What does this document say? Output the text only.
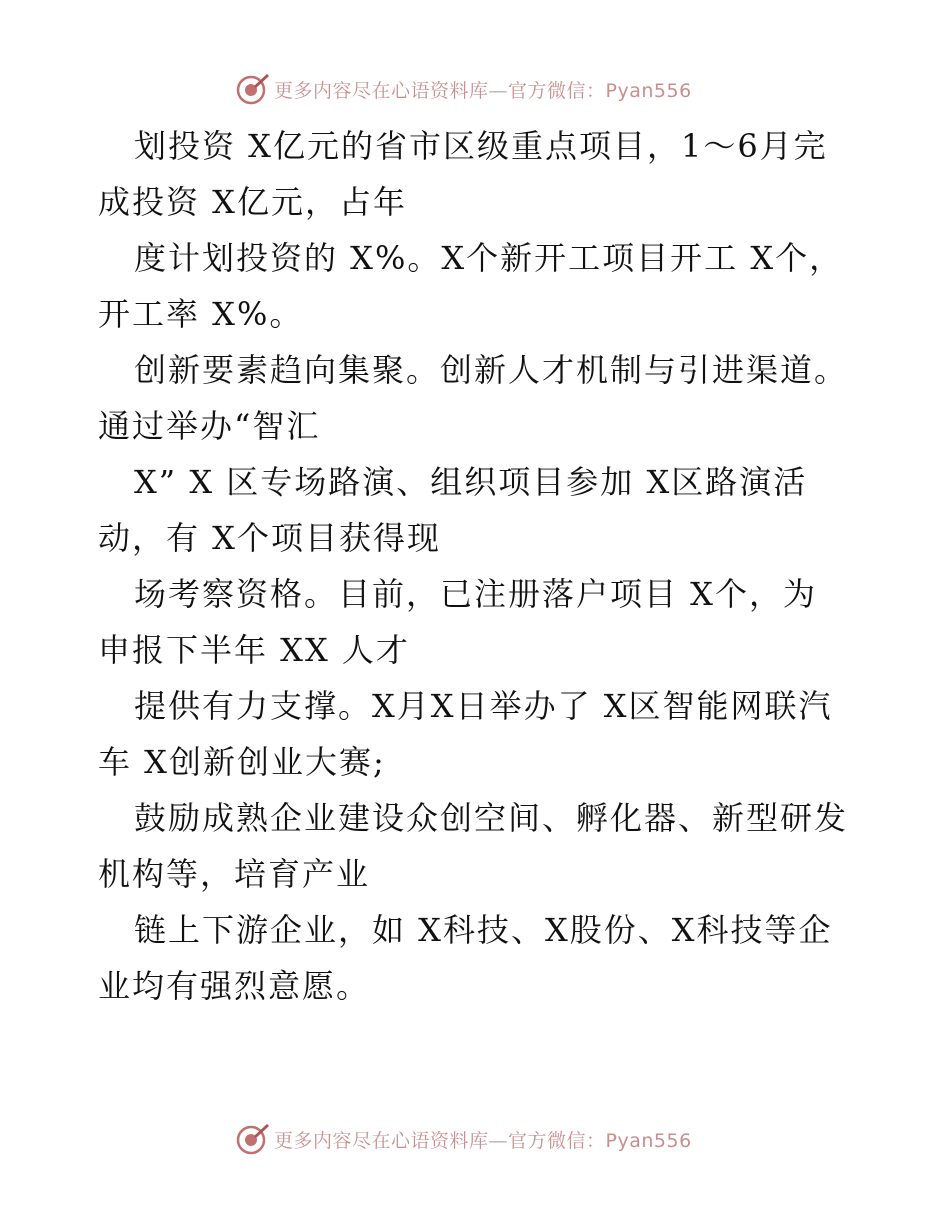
更多内容尽在心语资料库—官方微信：Pyan556
划投资 X亿元的省市区级重点项目，1～6月完
成投资 X亿元，占年
度计划投资的 X%。X个新开工项目开工 X个，
开工率 X%。
创新要素趋向集聚。创新人才机制与引进渠道。
通过举办“智汇
X” X 区专场路演、组织项目参加 X区路演活
动，有 X个项目获得现
场考察资格。目前，已注册落户项目 X个，为
申报下半年 XX 人才
提供有力支撑。X月X日举办了 X区智能网联汽
车 X创新创业大赛;
鼓励成熟企业建设众创空间、孵化器、新型研发
机构等，培育产业
链上下游企业，如 X科技、X股份、X科技等企
业均有强烈意愿。
更多内容尽在心语资料库—官方微信：Pyan556
